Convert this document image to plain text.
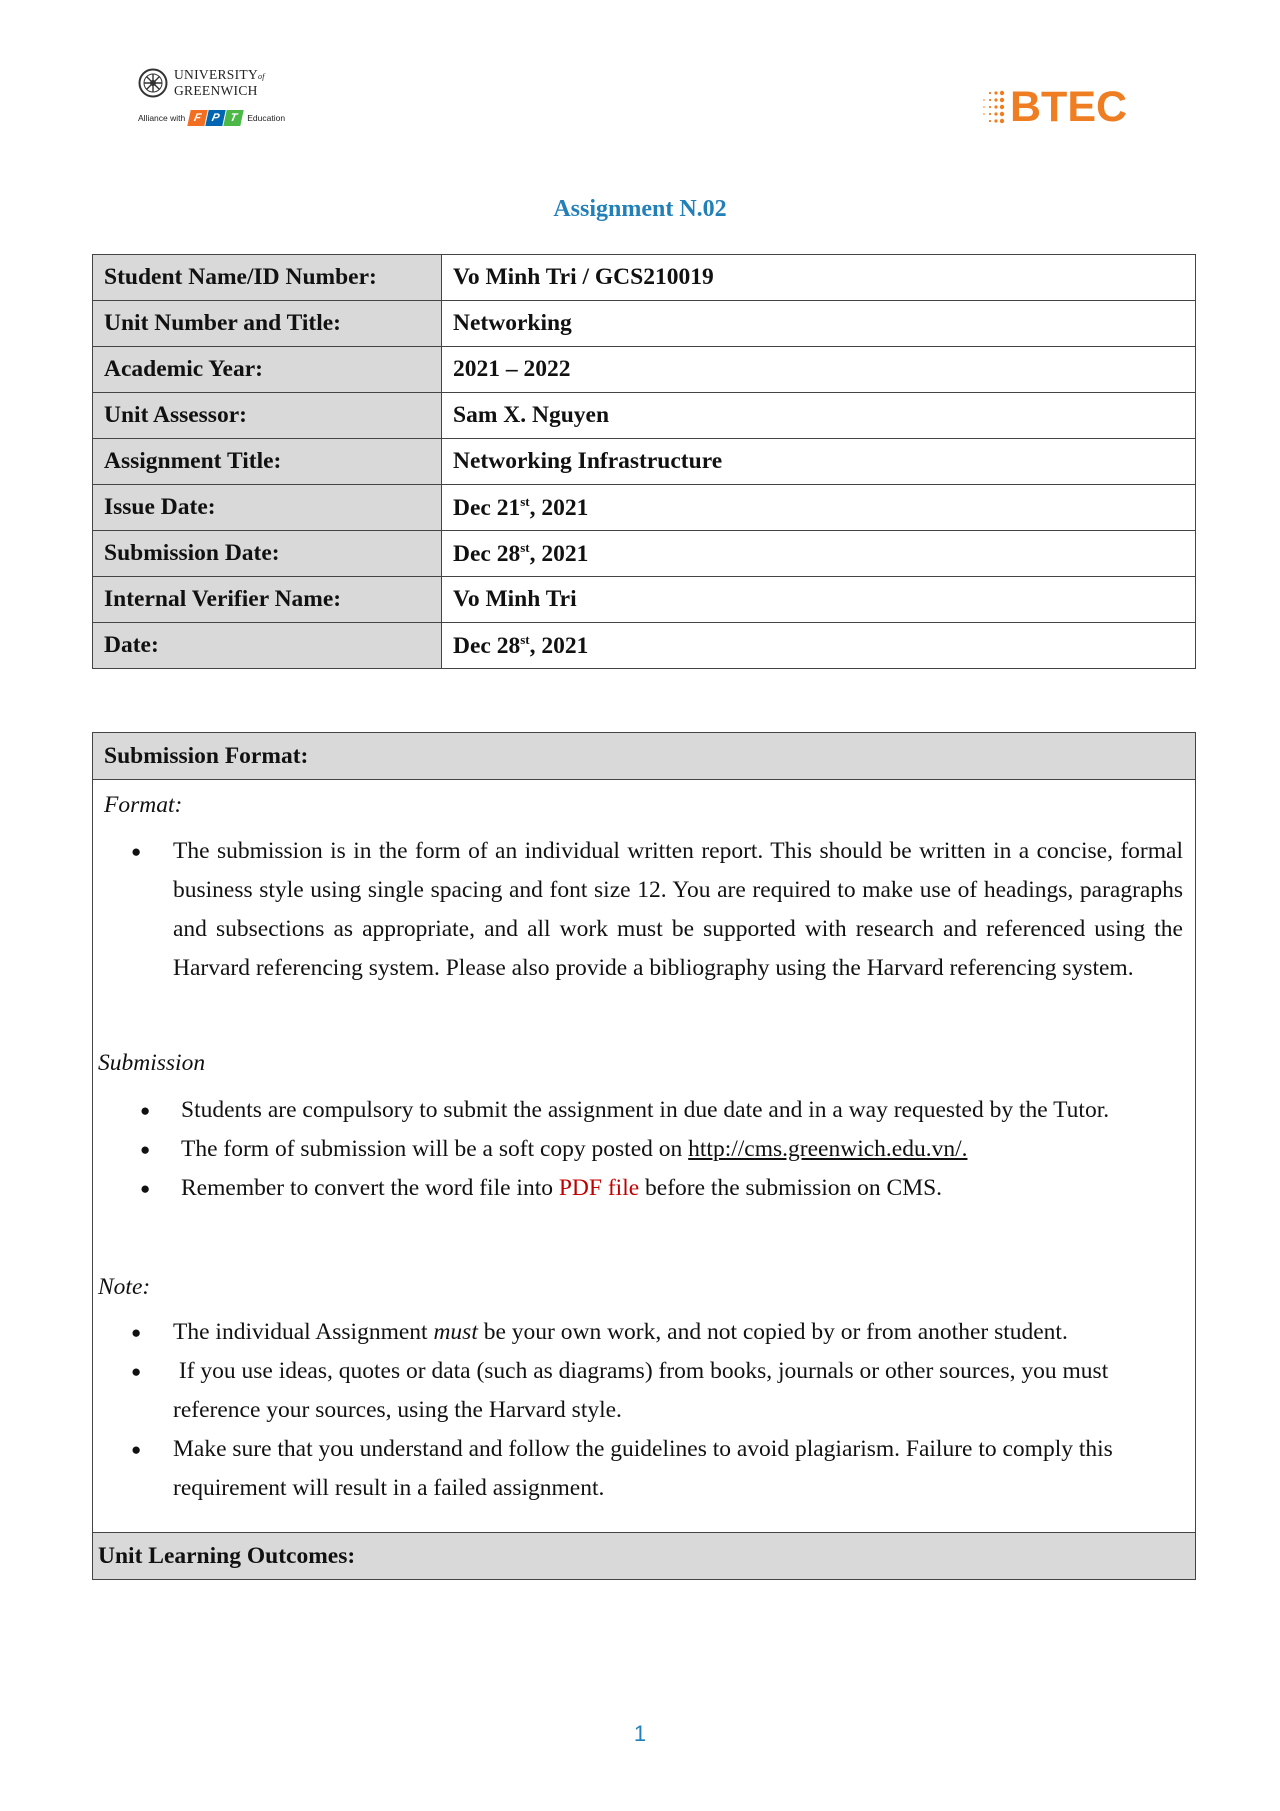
UNIVERSITYof
GREENWICH
Alliance with F P T	Education	BTEC
Assignment N.02
Student Name/ID Number:	Vo Minh Tri / GCS210019
Unit Number and Title:	Networking
Academic Year:	2021 – 2022
Unit Assessor:	Sam X. Nguyen
Assignment Title:	Networking Infrastructure
Issue Date:	Dec 21st, 2021
Submission Date:	Dec 28st, 2021
Internal Verifier Name:	Vo Minh Tri
Date:	Dec 28st, 2021
Submission Format:
Format:
● The submission is in the form of an individual written report. This should be written in a concise, formal business style using single spacing and font size 12. You are required to make use of headings, paragraphs and subsections as appropriate, and all work must be supported with research and referenced using the Harvard referencing system. Please also provide a bibliography using the Harvard referencing system.
Submission
● Students are compulsory to submit the assignment in due date and in a way requested by the Tutor.
● The form of submission will be a soft copy posted on http://cms.greenwich.edu.vn/.
● Remember to convert the word file into PDF file before the submission on CMS.
Note:
● The individual Assignment must be your own work, and not copied by or from another student.
● If you use ideas, quotes or data (such as diagrams) from books, journals or other sources, you must reference your sources, using the Harvard style.
● Make sure that you understand and follow the guidelines to avoid plagiarism. Failure to comply this requirement will result in a failed assignment.
Unit Learning Outcomes:
1
